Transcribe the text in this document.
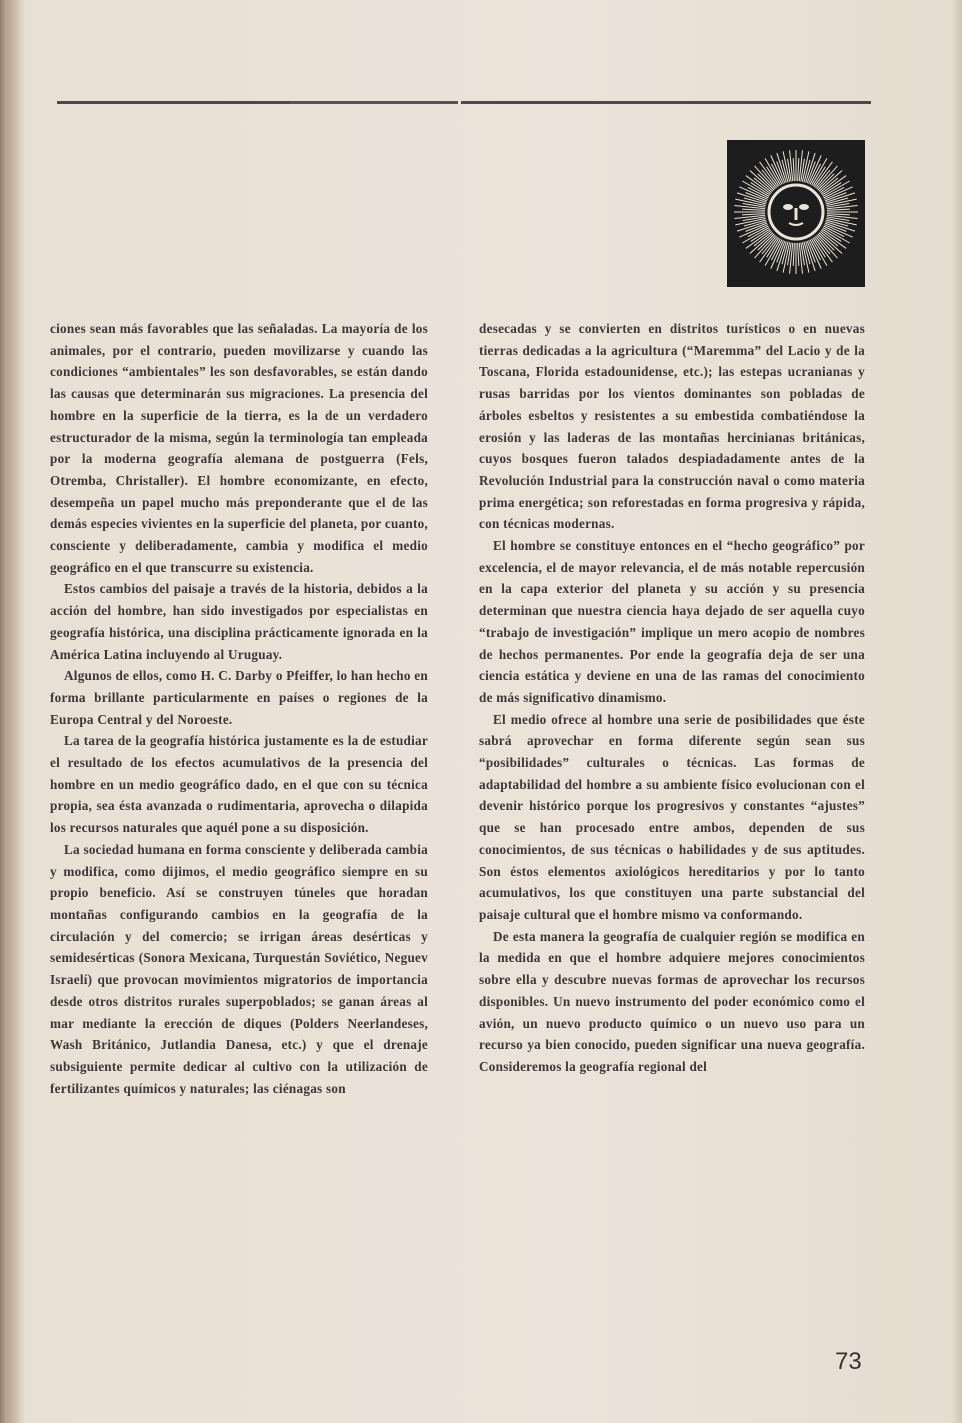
ciones sean más favorables que las señaladas. La mayoría de los animales, por el contrario, pueden movilizarse y cuando las condiciones “ambientales” les son desfavorables, se están dando las causas que determinarán sus migraciones. La presencia del hombre en la superficie de la tierra, es la de un verdadero estructurador de la misma, según la terminología tan empleada por la moderna geografía alemana de postguerra (Fels, Otremba, Christaller). El hombre economizante, en efecto, desempeña un papel mucho más preponderante que el de las demás especies vivientes en la superficie del planeta, por cuanto, consciente y deliberadamente, cambia y modifica el medio geográfico en el que transcurre su existencia.

Estos cambios del paisaje a través de la historia, debidos a la acción del hombre, han sido investigados por especialistas en geografía histórica, una disciplina prácticamente ignorada en la América Latina incluyendo al Uruguay.

Algunos de ellos, como H. C. Darby o Pfeiffer, lo han hecho en forma brillante particularmente en países o regiones de la Europa Central y del Noroeste.

La tarea de la geografía histórica justamente es la de estudiar el resultado de los efectos acumulativos de la presencia del hombre en un medio geográfico dado, en el que con su técnica propia, sea ésta avanzada o rudimentaria, aprovecha o dilapida los recursos naturales que aquél pone a su disposición.

La sociedad humana en forma consciente y deliberada cambia y modifica, como dijimos, el medio geográfico siempre en su propio beneficio. Así se construyen túneles que horadan montañas configurando cambios en la geografía de la circulación y del comercio; se irrigan áreas desérticas y semidesérticas (Sonora Mexicana, Turquestán Soviético, Neguev Israelí) que provocan movimientos migratorios de importancia desde otros distritos rurales superpoblados; se ganan áreas al mar mediante la erección de diques (Polders Neerlandeses, Wash Británico, Jutlandia Danesa, etc.) y que el drenaje subsiguiente permite dedicar al cultivo con la utilización de fertilizantes químicos y naturales; las ciénagas son

desecadas y se convierten en distritos turísticos o en nuevas tierras dedicadas a la agricultura (“Maremma” del Lacio y de la Toscana, Florida estadounidense, etc.); las estepas ucranianas y rusas barridas por los vientos dominantes son pobladas de árboles esbeltos y resistentes a su embestida combatiéndose la erosión y las laderas de las montañas hercinianas británicas, cuyos bosques fueron talados despiadadamente antes de la Revolución Industrial para la construcción naval o como materia prima energética; son reforestadas en forma progresiva y rápida, con técnicas modernas.

El hombre se constituye entonces en el “hecho geográfico” por excelencia, el de mayor relevancia, el de más notable repercusión en la capa exterior del planeta y su acción y su presencia determinan que nuestra ciencia haya dejado de ser aquella cuyo “trabajo de investigación” implique un mero acopio de nombres de hechos permanentes. Por ende la geografía deja de ser una ciencia estática y deviene en una de las ramas del conocimiento de más significativo dinamismo.

El medio ofrece al hombre una serie de posibilidades que éste sabrá aprovechar en forma diferente según sean sus “posibilidades” culturales o técnicas. Las formas de adaptabilidad del hombre a su ambiente físico evolucionan con el devenir histórico porque los progresivos y constantes “ajustes” que se han procesado entre ambos, dependen de sus conocimientos, de sus técnicas o habilidades y de sus aptitudes. Son éstos elementos axiológicos hereditarios y por lo tanto acumulativos, los que constituyen una parte substancial del paisaje cultural que el hombre mismo va conformando.

De esta manera la geografía de cualquier región se modifica en la medida en que el hombre adquiere mejores conocimientos sobre ella y descubre nuevas formas de aprovechar los recursos disponibles. Un nuevo instrumento del poder económico como el avión, un nuevo producto químico o un nuevo uso para un recurso ya bien conocido, pueden significar una nueva geografía. Consideremos la geografía regional del

73
